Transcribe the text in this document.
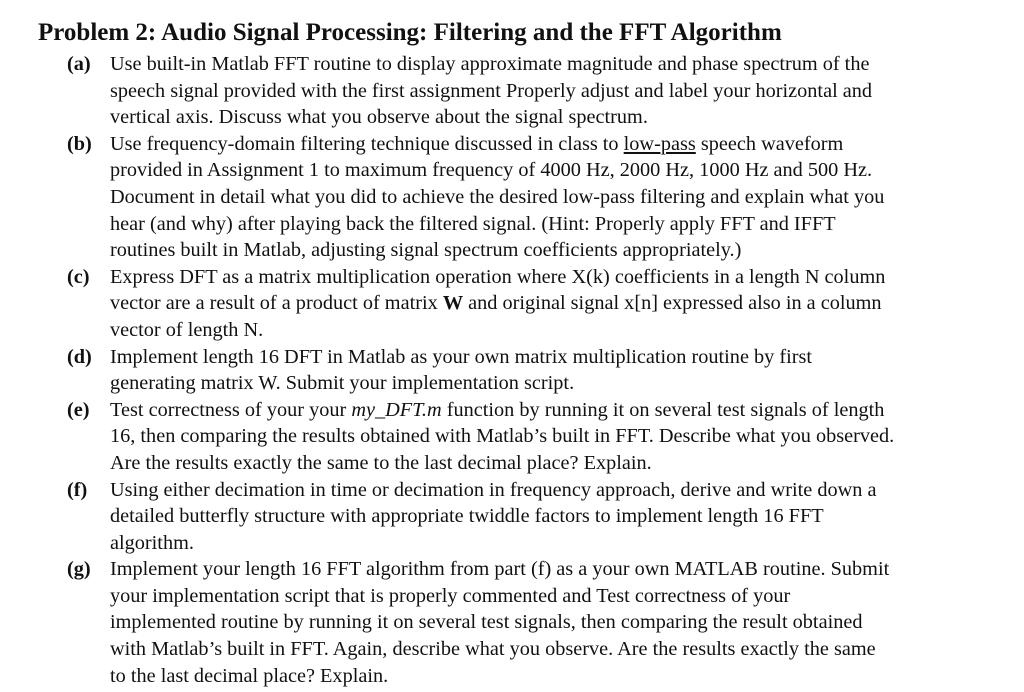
Problem 2: Audio Signal Processing: Filtering and the FFT Algorithm
(a) Use built-in Matlab FFT routine to display approximate magnitude and phase spectrum of the
speech signal provided with the first assignment Properly adjust and label your horizontal and
vertical axis. Discuss what you observe about the signal spectrum.
(b) Use frequency-domain filtering technique discussed in class to low-pass speech waveform
provided in Assignment 1 to maximum frequency of 4000 Hz, 2000 Hz, 1000 Hz and 500 Hz.
Document in detail what you did to achieve the desired low-pass filtering and explain what you
hear (and why) after playing back the filtered signal. (Hint: Properly apply FFT and IFFT
routines built in Matlab, adjusting signal spectrum coefficients appropriately.)
(c) Express DFT as a matrix multiplication operation where X(k) coefficients in a length N column
vector are a result of a product of matrix W and original signal x[n] expressed also in a column
vector of length N.
(d) Implement length 16 DFT in Matlab as your own matrix multiplication routine by first
generating matrix W. Submit your implementation script.
(e) Test correctness of your your my_DFT.m function by running it on several test signals of length
16, then comparing the results obtained with Matlab’s built in FFT. Describe what you observed.
Are the results exactly the same to the last decimal place? Explain.
(f) Using either decimation in time or decimation in frequency approach, derive and write down a
detailed butterfly structure with appropriate twiddle factors to implement length 16 FFT
algorithm.
(g) Implement your length 16 FFT algorithm from part (f) as a your own MATLAB routine. Submit
your implementation script that is properly commented and Test correctness of your
implemented routine by running it on several test signals, then comparing the result obtained
with Matlab’s built in FFT. Again, describe what you observe. Are the results exactly the same
to the last decimal place? Explain.
